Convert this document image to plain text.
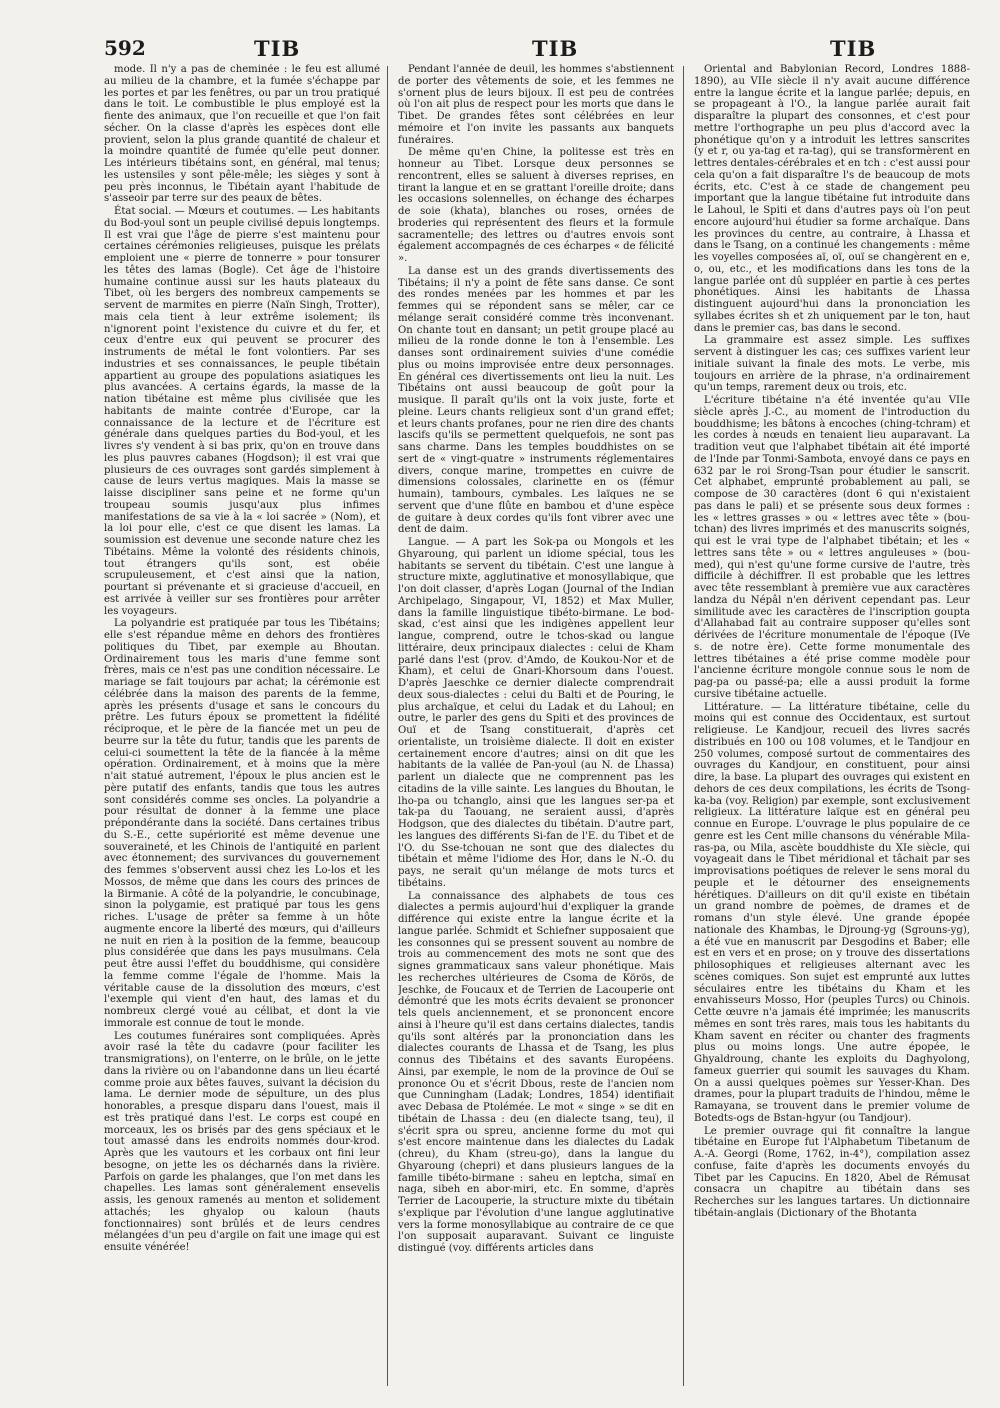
592	TIB	TIB	TIB

mode. Il n'y a pas de cheminée : le feu est allumé au milieu de la chambre, et la fumée s'échappe par les portes et par les fenêtres, ou par un trou pratiqué dans le toit. Le combustible le plus employé est la fiente des animaux, que l'on recueille et que l'on fait sécher. On la classe d'après les espèces dont elle provient, selon la plus grande quantité de chaleur et la moindre quantité de fumée qu'elle peut donner. Les intérieurs tibétains sont, en général, mal tenus; les ustensiles y sont pêle-mêle; les sièges y sont à peu près inconnus, le Tibétain ayant l'habitude de s'asseoir par terre sur des peaux de bêtes.

État social. — Mœurs et coutumes. — Les habitants du Bod-youl sont un peuple civilisé depuis longtemps. Il est vrai que l'âge de pierre s'est maintenu pour certaines cérémonies religieuses, puisque les prélats emploient une « pierre de tonnerre » pour tonsurer les têtes des lamas (Bogle). Cet âge de l'histoire humaine continue aussi sur les hauts plateaux du Tibet, où les bergers des nombreux campements se servent de marmites en pierre (Naïn Singh, Trotter), mais cela tient à leur extrême isolement; ils n'ignorent point l'existence du cuivre et du fer, et ceux d'entre eux qui peuvent se procurer des instruments de métal le font volontiers. Par ses industries et ses connaissances, le peuple tibétain appartient au groupe des populations asiatiques les plus avancées. A certains égards, la masse de la nation tibétaine est même plus civilisée que les habitants de mainte contrée d'Europe, car la connaissance de la lecture et de l'écriture est générale dans quelques parties du Bod-youl, et les livres s'y vendent à si bas prix, qu'on en trouve dans les plus pauvres cabanes (Hogdson); il est vrai que plusieurs de ces ouvrages sont gardés simplement à cause de leurs vertus magiques. Mais la masse se laisse discipliner sans peine et ne forme qu'un troupeau soumis jusqu'aux plus infimes manifestations de sa vie à la « loi sacrée » (Nom), et la loi pour elle, c'est ce que disent les lamas. La soumission est devenue une seconde nature chez les Tibétains. Même la volonté des résidents chinois, tout étrangers qu'ils sont, est obéie scrupuleusement, et c'est ainsi que la nation, pourtant si prévenante et si gracieuse d'accueil, en est arrivée à veiller sur ses frontières pour arrêter les voyageurs.

La polyandrie est pratiquée par tous les Tibétains; elle s'est répandue même en dehors des frontières politiques du Tibet, par exemple au Bhoutan. Ordinairement tous les maris d'une femme sont frères, mais ce n'est pas une condition nécessaire. Le mariage se fait toujours par achat; la cérémonie est célébrée dans la maison des parents de la femme, après les présents d'usage et sans le concours du prêtre. Les futurs époux se promettent la fidélité réciproque, et le père de la fiancée met un peu de beurre sur la tête du futur, tandis que les parents de celui-ci soumettent la tête de la fiancée à la même opération. Ordinairement, et à moins que la mère n'ait statué autrement, l'époux le plus ancien est le père putatif des enfants, tandis que tous les autres sont considérés comme ses oncles. La polyandrie a pour résultat de donner à la femme une place prépondérante dans la société. Dans certaines tribus du S.-E., cette supériorité est même devenue une souveraineté, et les Chinois de l'antiquité en parlent avec étonnement; des survivances du gouvernement des femmes s'observent aussi chez les Lo-los et les Mossos, de même que dans les cours des princes de la Birmanie. A côté de la polyandrie, le concubinage, sinon la polygamie, est pratiqué par tous les gens riches. L'usage de prêter sa femme à un hôte augmente encore la liberté des mœurs, qui d'ailleurs ne nuit en rien à la position de la femme, beaucoup plus considérée que dans les pays musulmans. Cela peut être aussi l'effet du bouddhisme, qui considère la femme comme l'égale de l'homme. Mais la véritable cause de la dissolution des mœurs, c'est l'exemple qui vient d'en haut, des lamas et du nombreux clergé voué au célibat, et dont la vie immorale est connue de tout le monde.

Les coutumes funéraires sont compliquées. Après avoir rasé la tête du cadavre (pour faciliter les transmigrations), on l'enterre, on le brûle, on le jette dans la rivière ou on l'abandonne dans un lieu écarté comme proie aux bêtes fauves, suivant la décision du lama. Le dernier mode de sépulture, un des plus honorables, a presque disparu dans l'ouest, mais il est très pratiqué dans l'est. Le corps est coupé en morceaux, les os brisés par des gens spéciaux et le tout amassé dans les endroits nommés dour-krod. Après que les vautours et les corbaux ont fini leur besogne, on jette les os décharnés dans la rivière. Parfois on garde les phalanges, que l'on met dans les chapelles. Les lamas sont généralement ensevelis assis, les genoux ramenés au menton et solidement attachés; les ghyalop ou kaloun (hauts fonctionnaires) sont brûlés et de leurs cendres mélangées d'un peu d'argile on fait une image qui est ensuite vénérée!

Pendant l'année de deuil, les hommes s'abstiennent de porter des vêtements de soie, et les femmes ne s'ornent plus de leurs bijoux. Il est peu de contrées où l'on ait plus de respect pour les morts que dans le Tibet. De grandes fêtes sont célébrées en leur mémoire et l'on invite les passants aux banquets funéraires.

De même qu'en Chine, la politesse est très en honneur au Tibet. Lorsque deux personnes se rencontrent, elles se saluent à diverses reprises, en tirant la langue et en se grattant l'oreille droite; dans les occasions solennelles, on échange des écharpes de soie (khata), blanches ou roses, ornées de broderies qui représentent des fleurs et la formule sacramentelle; des lettres ou d'autres envois sont également accompagnés de ces écharpes « de félicité ».

La danse est un des grands divertissements des Tibétains; il n'y a point de fête sans danse. Ce sont des rondes menées par les hommes et par les femmes qui se répondent sans se mêler, car ce mélange serait considéré comme très inconvenant. On chante tout en dansant; un petit groupe placé au milieu de la ronde donne le ton à l'ensemble. Les danses sont ordinairement suivies d'une comédie plus ou moins improvisée entre deux personnages. En général ces divertissements ont lieu la nuit. Les Tibétains ont aussi beaucoup de goût pour la musique. Il paraît qu'ils ont la voix juste, forte et pleine. Leurs chants religieux sont d'un grand effet; et leurs chants profanes, pour ne rien dire des chants lascifs qu'ils se permettent quelquefois, ne sont pas sans charme. Dans les temples bouddhistes on se sert de « vingt-quatre » instruments réglementaires divers, conque marine, trompettes en cuivre de dimensions colossales, clarinette en os (fémur humain), tambours, cymbales. Les laïques ne se servent que d'une flûte en bambou et d'une espèce de guitare à deux cordes qu'ils font vibrer avec une dent de daim.

Langue. — A part les Sok-pa ou Mongols et les Ghyaroung, qui parlent un idiome spécial, tous les habitants se servent du tibétain. C'est une langue à structure mixte, agglutinative et monosyllabique, que l'on doit classer, d'après Logan (Journal of the Indian Archipelago, Singapour, VI, 1852) et Max Muller, dans la famille linguistique tibéto-birmane. Le bod-skad, c'est ainsi que les indigènes appellent leur langue, comprend, outre le tchos-skad ou langue littéraire, deux principaux dialectes : celui de Kham parlé dans l'est (prov. d'Amdo, de Koukou-Nor et de Kham), et celui de Gnari-Khorsoum dans l'ouest. D'après Jaeschke ce dernier dialecte comprendrait deux sous-dialectes : celui du Balti et de Pouring, le plus archaïque, et celui du Ladak et du Lahoul; en outre, le parler des gens du Spiti et des provinces de Ouï et de Tsang constituerait, d'après cet orientaliste, un troisième dialecte. Il doit en exister certainement encore d'autres; ainsi on dit que les habitants de la vallée de Pan-youl (au N. de Lhassa) parlent un dialecte que ne comprennent pas les citadins de la ville sainte. Les langues du Bhoutan, le lho-pa ou tchanglo, ainsi que les langues ser-pa et tak-pa du Taouang, ne seraient aussi, d'après Hodgson, que des dialectes du tibétain. D'autre part, les langues des différents Si-fan de l'E. du Tibet et de l'O. du Sse-tchouan ne sont que des dialectes du tibétain et même l'idiome des Hor, dans le N.-O. du pays, ne serait qu'un mélange de mots turcs et tibétains.

La connaissance des alphabets de tous ces dialectes a permis aujourd'hui d'expliquer la grande différence qui existe entre la langue écrite et la langue parlée. Schmidt et Schiefner supposaient que les consonnes qui se pressent souvent au nombre de trois au commencement des mots ne sont que des signes grammaticaux sans valeur phonétique. Mais les recherches ultérieures de Csoma de Körös, de Jeschke, de Foucaux et de Terrien de Lacouperie ont démontré que les mots écrits devaient se prononcer tels quels anciennement, et se prononcent encore ainsi à l'heure qu'il est dans certains dialectes, tandis qu'ils sont altérés par la prononciation dans les dialectes courants de Lhassa et de Tsang, les plus connus des Tibétains et des savants Européens. Ainsi, par exemple, le nom de la province de Ouï se prononce Ou et s'écrit Dbous, reste de l'ancien nom que Cunningham (Ladak; Londres, 1854) identifiait avec Debasa de Ptolémée. Le mot « singe » se dit en tibétain de Lhassa : deu (en dialecte tsang, teu), il s'écrit spra ou spreu, ancienne forme du mot qui s'est encore maintenue dans les dialectes du Ladak (chreu), du Kham (streu-go), dans la langue du Ghyaroung (chepri) et dans plusieurs langues de la famille tibéto-birmane : saheu en leptcha, simaï en naga, sibeh en abor-miri, etc. En somme, d'après Terrier de Lacouperie, la structure mixte du tibétain s'explique par l'évolution d'une langue agglutinative vers la forme monosyllabique au contraire de ce que l'on supposait auparavant. Suivant ce linguiste distingué (voy. différents articles dans

Oriental and Babylonian Record, Londres 1888-1890), au VIIe siècle il n'y avait aucune différence entre la langue écrite et la langue parlée; depuis, en se propageant à l'O., la langue parlée aurait fait disparaître la plupart des consonnes, et c'est pour mettre l'orthographe un peu plus d'accord avec la phonétique qu'on y a introduit les lettres sanscrites (y et r, ou ya-tag et ra-tag), qui se transformèrent en lettres dentales-cérébrales et en tch : c'est aussi pour cela qu'on a fait disparaître l's de beaucoup de mots écrits, etc. C'est à ce stade de changement peu important que la langue tibétaine fut introduite dans le Lahoul, le Spiti et dans d'autres pays où l'on peut encore aujourd'hui étudier sa forme archaïque. Dans les provinces du centre, au contraire, à Lhassa et dans le Tsang, on a continué les changements : même les voyelles composées aï, oï, ouï se changèrent en e, o, ou, etc., et les modifications dans les tons de la langue parlée ont dû suppléer en partie à ces pertes phonétiques. Ainsi les habitants de Lhassa distinguent aujourd'hui dans la prononciation les syllabes écrites sh et zh uniquement par le ton, haut dans le premier cas, bas dans le second.

La grammaire est assez simple. Les suffixes servent à distinguer les cas; ces suffixes varient leur initiale suivant la finale des mots. Le verbe, mis toujours en arrière de la phrase, n'a ordinairement qu'un temps, rarement deux ou trois, etc.

L'écriture tibétaine n'a été inventée qu'au VIIe siècle après J.-C., au moment de l'introduction du bouddhisme; les bâtons à encoches (ching-tchram) et les cordes à nœuds en tenaient lieu auparavant. La tradition veut que l'alphabet tibétain ait été importé de l'Inde par Tonmi-Sambota, envoyé dans ce pays en 632 par le roi Srong-Tsan pour étudier le sanscrit. Cet alphabet, emprunté probablement au pali, se compose de 30 caractères (dont 6 qui n'existaient pas dans le pali) et se présente sous deux formes : les « lettres grasses » ou « lettres avec tête » (bou-tchan) des livres imprimés et des manuscrits soignés, qui est le vrai type de l'alphabet tibétain; et les « lettres sans tête » ou « lettres anguleuses » (bou-med), qui n'est qu'une forme cursive de l'autre, très difficile à déchiffrer. Il est probable que les lettres avec tête ressemblant à première vue aux caractères landza du Népâl n'en dérivent cependant pas. Leur similitude avec les caractères de l'inscription goupta d'Allahabad fait au contraire supposer qu'elles sont dérivées de l'écriture monumentale de l'époque (IVe s. de notre ère). Cette forme monumentale des lettres tibétaines a été prise comme modèle pour l'ancienne écriture mongole connue sous le nom de pag-pa ou passé-pa; elle a aussi produit la forme cursive tibétaine actuelle.

Littérature. — La littérature tibétaine, celle du moins qui est connue des Occidentaux, est surtout religieuse. Le Kandjour, recueil des livres sacrés distribués en 100 ou 108 volumes, et le Tandjour en 250 volumes, composé surtout de commentaires des ouvrages du Kandjour, en constituent, pour ainsi dire, la base. La plupart des ouvrages qui existent en dehors de ces deux compilations, les écrits de Tsong-ka-ba (voy. Religion) par exemple, sont exclusivement religieux. La littérature laïque est en général peu connue en Europe. L'ouvrage le plus populaire de ce genre est les Cent mille chansons du vénérable Mila-ras-pa, ou Mila, ascète bouddhiste du XIe siècle, qui voyageait dans le Tibet méridional et tâchait par ses improvisations poétiques de relever le sens moral du peuple et le détourner des enseignements hérétiques. D'ailleurs on dit qu'il existe en tibétain un grand nombre de poèmes, de drames et de romans d'un style élevé. Une grande épopée nationale des Khambas, le Djroung-yg (Sgrouns-yg), a été vue en manuscrit par Desgodins et Baber; elle est en vers et en prose; on y trouve des dissertations philosophiques et religieuses alternant avec les scènes comiques. Son sujet est emprunté aux luttes séculaires entre les tibétains du Kham et les envahisseurs Mosso, Hor (peuples Turcs) ou Chinois. Cette œuvre n'a jamais été imprimée; les manuscrits mêmes en sont très rares, mais tous les habitants du Kham savent en réciter ou chanter des fragments plus ou moins longs. Une autre épopée, le Ghyaldroung, chante les exploits du Daghyolong, fameux guerrier qui soumit les sauvages du Kham. On a aussi quelques poèmes sur Yesser-Khan. Des drames, pour la plupart traduits de l'hindou, même le Ramayana, se trouvent dans le premier volume de Botedts-ogs de Bstan-hgyur (ou Tandjour).

Le premier ouvrage qui fit connaître la langue tibétaine en Europe fut l'Alphabetum Tibetanum de A.-A. Georgi (Rome, 1762, in-4°), compilation assez confuse, faite d'après les documents envoyés du Tibet par les Capucins. En 1820, Abel de Rémusat consacra un chapitre au tibétain dans ses Recherches sur les langues tartares. Un dictionnaire tibétain-anglais (Dictionary of the Bhotanta
